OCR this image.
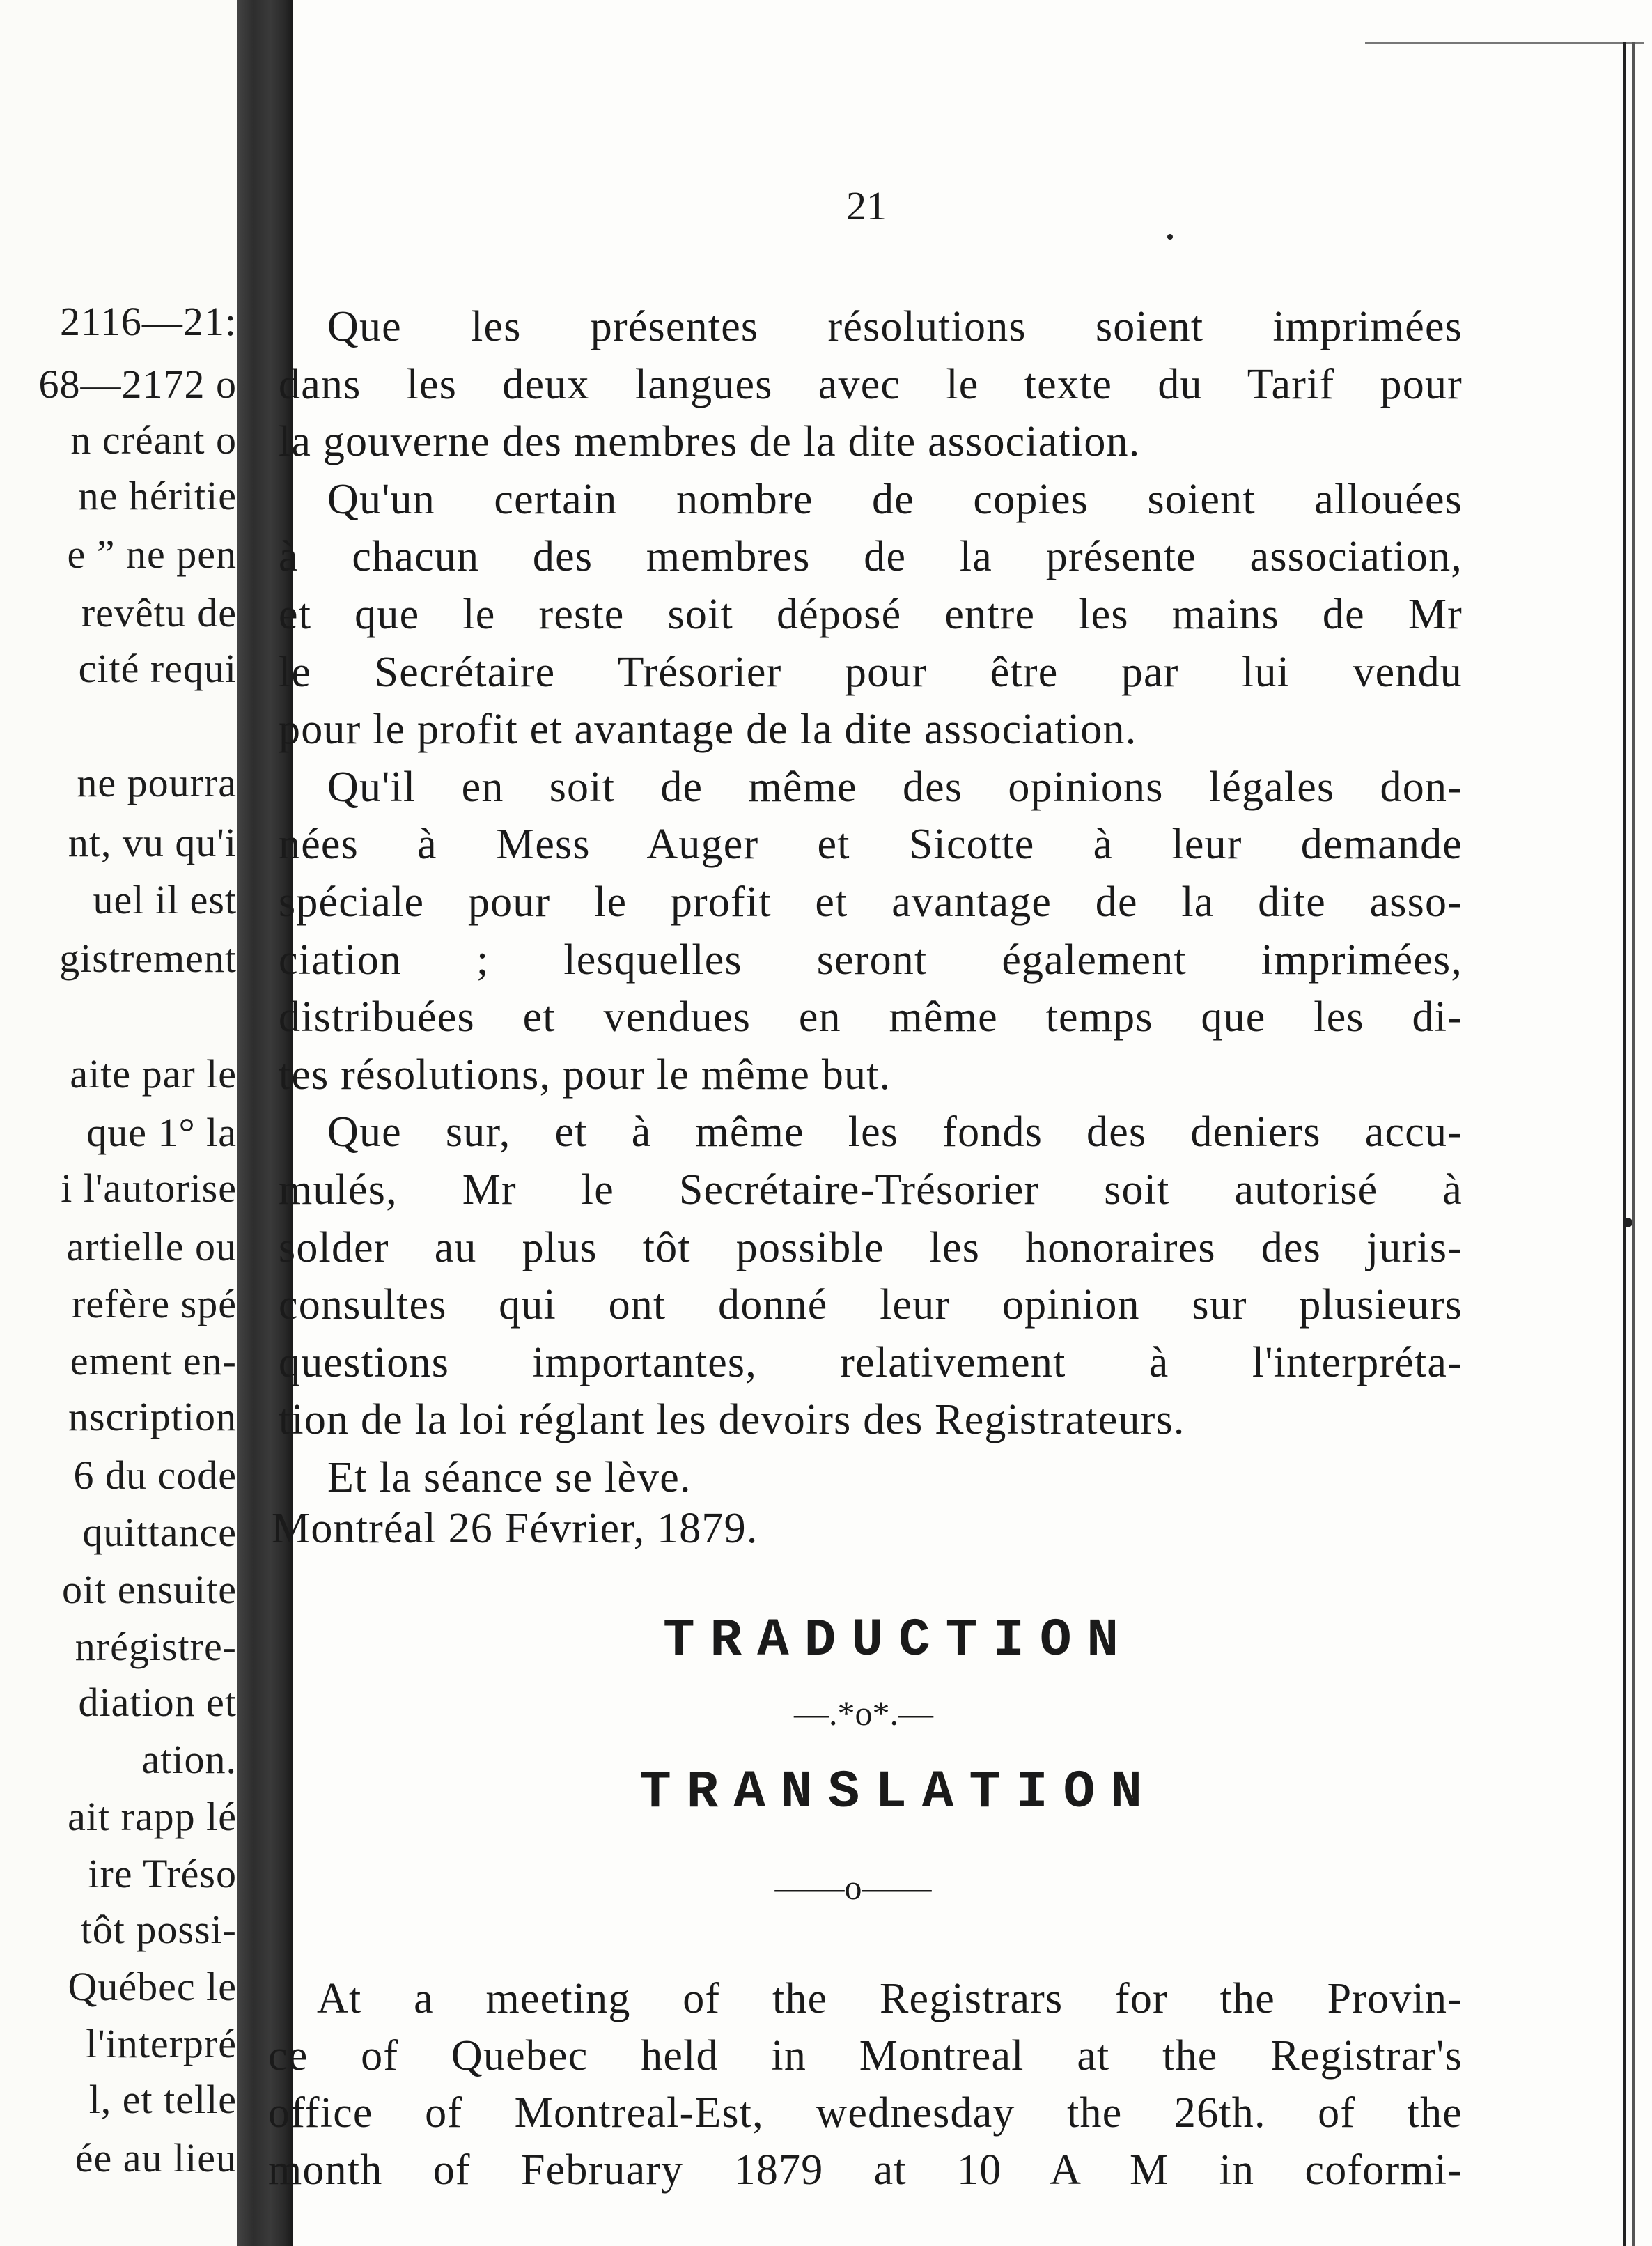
2116—21:
68—2172 o
n créant o
ne héritie
e ” ne pen
revêtu de
cité requi
ne pourra
nt, vu qu'i
uel il est
gistrement
aite par le
que 1° la
i l'autorise
artielle ou
refère spé
ement en-
nscription
6 du code
quittance
oit ensuite
nrégistre-
diation et
ation.
ait rapp lé
ire Tréso
tôt possi-
Québec le
l'interpré
l, et telle
ée au lieu
21
Que les présentes résolutions soient imprimées
dans les deux langues avec le texte du Tarif pour
la gouverne des membres de la dite association.
Qu'un certain nombre de copies soient allouées
à chacun des membres de la présente association,
et que le reste soit déposé entre les mains de Mr
le Secrétaire Trésorier pour être par lui vendu
pour le profit et avantage de la dite association.
Qu'il en soit de même des opinions légales don-
nées à Mess Auger et Sicotte à leur demande
spéciale pour le profit et avantage de la dite asso-
ciation ; lesquelles seront également imprimées,
distribuées et vendues en même temps que les di-
tes résolutions, pour le même but.
Que sur, et à même les fonds des deniers accu-
mulés, Mr le Secrétaire-Trésorier soit autorisé à
solder au plus tôt possible les honoraires des juris-
consultes qui ont donné leur opinion sur plusieurs
questions importantes, relativement à l'interpréta-
tion de la loi réglant les devoirs des Registrateurs.
Et la séance se lève.
Montréal 26 Février, 1879.
TRADUCTION
—.*o*.—
TRANSLATION
——o——
At a meeting of the Registrars for the Provin-
ce of Quebec held in Montreal at the Registrar's
office of Montreal-Est, wednesday the 26th. of the
month of February 1879 at 10 A M in coformi-
